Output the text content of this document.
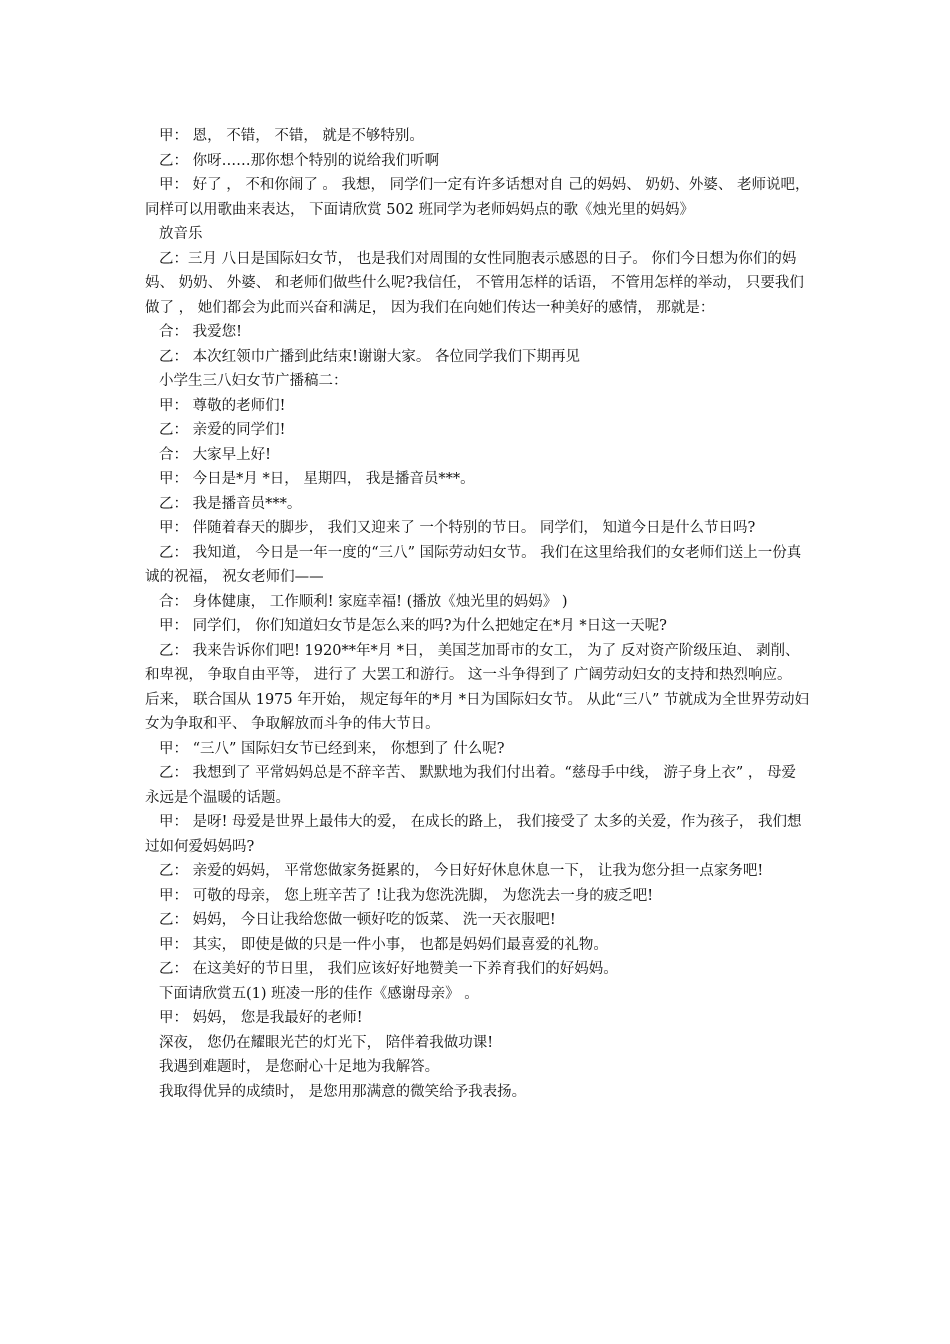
甲： 恩， 不错， 不错， 就是不够特别。

乙： 你呀……那你想个特别的说给我们听啊

甲： 好了 ， 不和你闹了 。 我想， 同学们一定有许多话想对自 己的妈妈、 奶奶、外婆、 老师说吧， 同样可以用歌曲来表达， 下面请欣赏 502 班同学为老师妈妈点的歌《烛光里的妈妈》

放音乐

乙：三月 八日是国际妇女节， 也是我们对周围的女性同胞表示感恩的日子。 你们今日想为你们的妈妈、 奶奶、 外婆、 和老师们做些什么呢?我信任， 不管用怎样的话语， 不管用怎样的举动， 只要我们做了 ， 她们都会为此而兴奋和满足， 因为我们在向她们传达一种美好的感情， 那就是：

合： 我爱您!

乙： 本次红领巾广播到此结束!谢谢大家。 各位同学我们下期再见

小学生三八妇女节广播稿二：

甲： 尊敬的老师们!

乙： 亲爱的同学们!

合： 大家早上好!

甲： 今日是*月 *日， 星期四， 我是播音员***。

乙： 我是播音员***。

甲： 伴随着春天的脚步， 我们又迎来了 一个特别的节日。 同学们， 知道今日是什么节日吗?

乙： 我知道， 今日是一年一度的“三八” 国际劳动妇女节。 我们在这里给我们的女老师们送上一份真诚的祝福， 祝女老师们——

合： 身体健康， 工作顺利! 家庭幸福! (播放《烛光里的妈妈》 )

甲： 同学们， 你们知道妇女节是怎么来的吗?为什么把她定在*月 *日这一天呢?

乙： 我来告诉你们吧! 1920**年*月 *日， 美国芝加哥市的女工， 为了 反对资产阶级压迫、 剥削、 和卑视， 争取自由平等， 进行了 大罢工和游行。 这一斗争得到了 广阔劳动妇女的支持和热烈响应。 后来， 联合国从 1975 年开始， 规定每年的*月 *日为国际妇女节。 从此“三八” 节就成为全世界劳动妇女为争取和平、 争取解放而斗争的伟大节日。

甲： “三八” 国际妇女节已经到来， 你想到了 什么呢?

乙： 我想到了 平常妈妈总是不辞辛苦、 默默地为我们付出着。“慈母手中线， 游子身上衣” ， 母爱永远是个温暖的话题。

甲： 是呀! 母爱是世界上最伟大的爱， 在成长的路上， 我们接受了 太多的关爱，作为孩子， 我们想过如何爱妈妈吗?

乙： 亲爱的妈妈， 平常您做家务挺累的， 今日好好休息休息一下， 让我为您分担一点家务吧!

甲： 可敬的母亲， 您上班辛苦了 !让我为您洗洗脚， 为您洗去一身的疲乏吧!

乙： 妈妈， 今日让我给您做一顿好吃的饭菜、 洗一天衣服吧!

甲： 其实， 即使是做的只是一件小事， 也都是妈妈们最喜爱的礼物。

乙： 在这美好的节日里， 我们应该好好地赞美一下养育我们的好妈妈。

下面请欣赏五(1) 班凌一彤的佳作《感谢母亲》 。

甲： 妈妈， 您是我最好的老师!

深夜， 您仍在耀眼光芒的灯光下， 陪伴着我做功课!

我遇到难题时， 是您耐心十足地为我解答。

我取得优异的成绩时， 是您用那满意的微笑给予我表扬。
